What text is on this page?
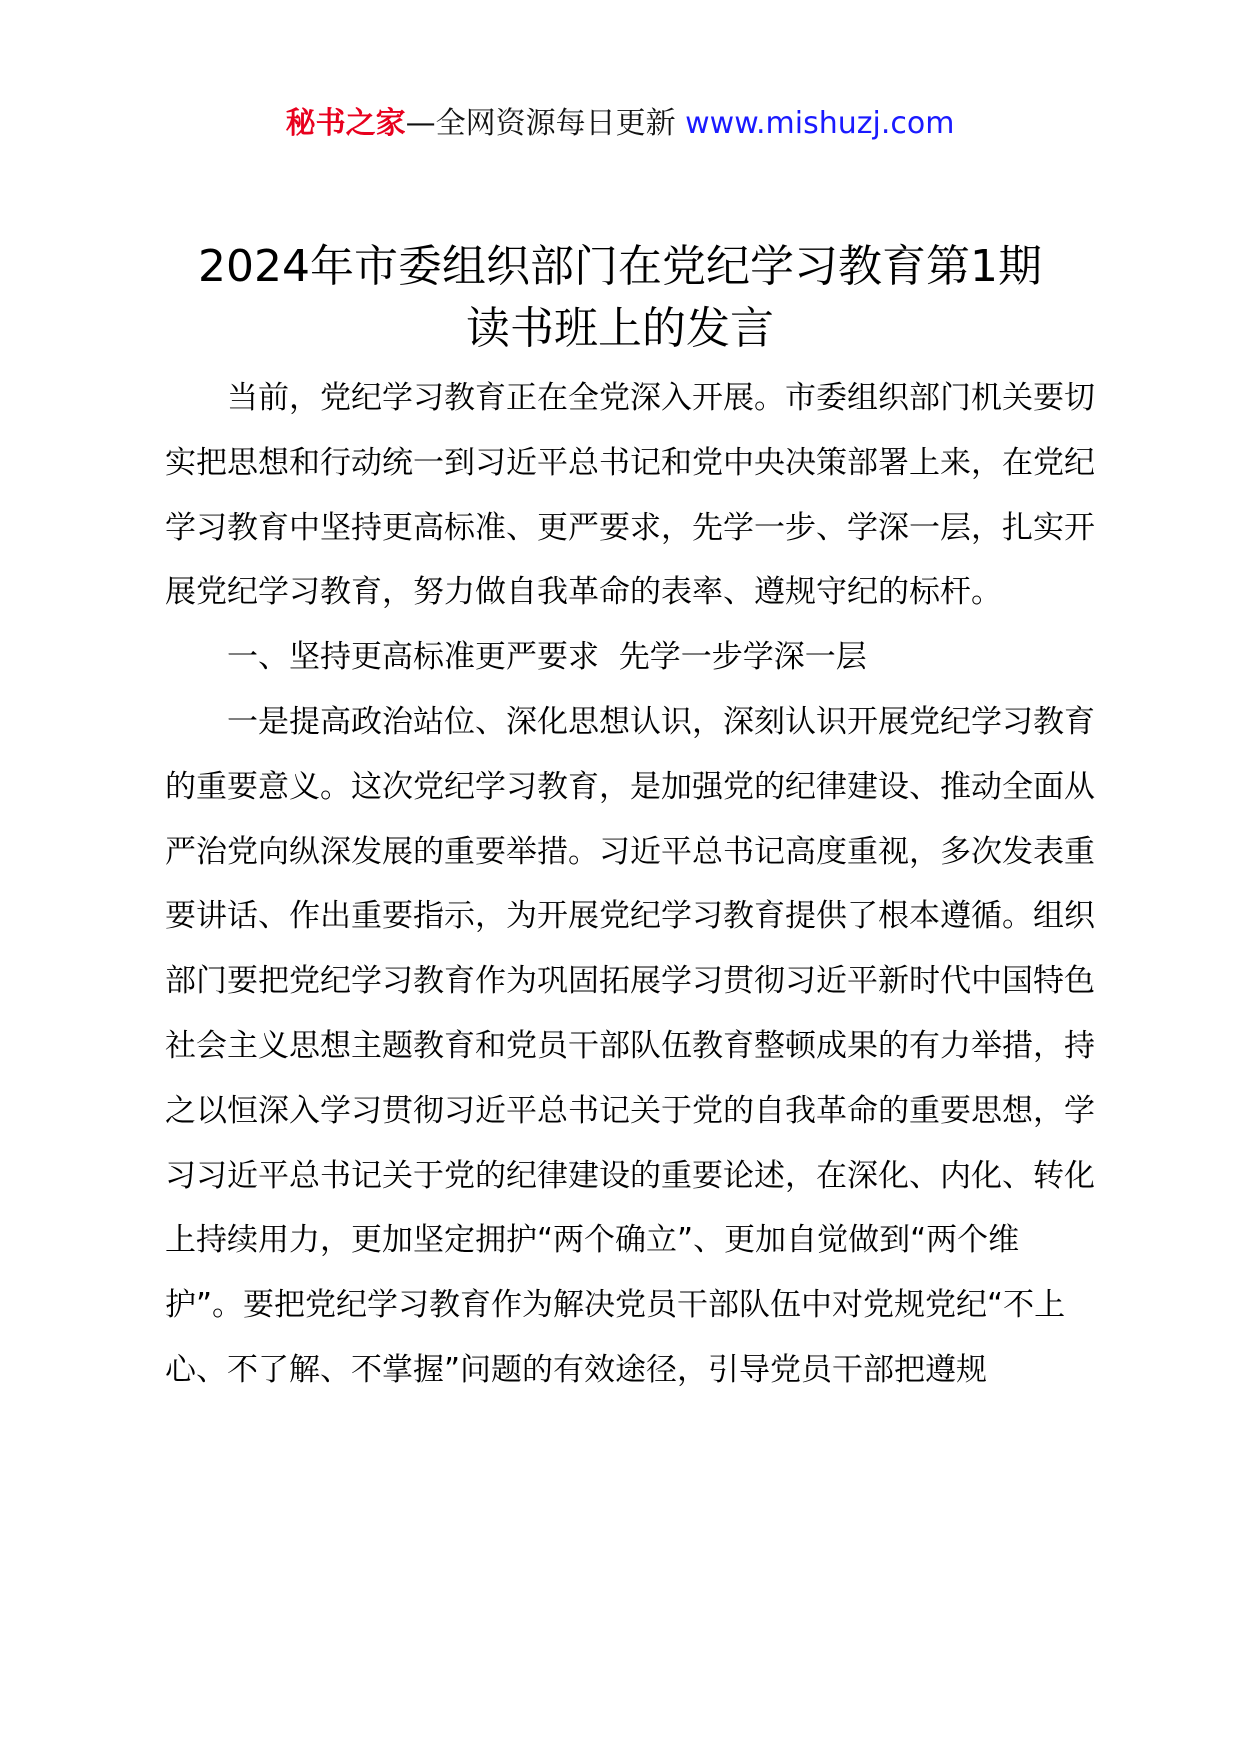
秘书之家—全网资源每日更新 www.mishuzj.com
2024年市委组织部门在党纪学习教育第1期
读书班上的发言

当前，党纪学习教育正在全党深入开展。市委组织部门机关要切实把思想和行动统一到习近平总书记和党中央决策部署上来，在党纪学习教育中坚持更高标准、更严要求，先学一步、学深一层，扎实开展党纪学习教育，努力做自我革命的表率、遵规守纪的标杆。

一、坚持更高标准更严要求  先学一步学深一层

一是提高政治站位、深化思想认识，深刻认识开展党纪学习教育的重要意义。这次党纪学习教育，是加强党的纪律建设、推动全面从严治党向纵深发展的重要举措。习近平总书记高度重视，多次发表重要讲话、作出重要指示，为开展党纪学习教育提供了根本遵循。组织部门要把党纪学习教育作为巩固拓展学习贯彻习近平新时代中国特色社会主义思想主题教育和党员干部队伍教育整顿成果的有力举措，持之以恒深入学习贯彻习近平总书记关于党的自我革命的重要思想，学习习近平总书记关于党的纪律建设的重要论述，在深化、内化、转化上持续用力，更加坚定拥护“两个确立”、更加自觉做到“两个维护”。要把党纪学习教育作为解决党员干部队伍中对党规党纪“不上心、不了解、不掌握”问题的有效途径，引导党员干部把遵规
